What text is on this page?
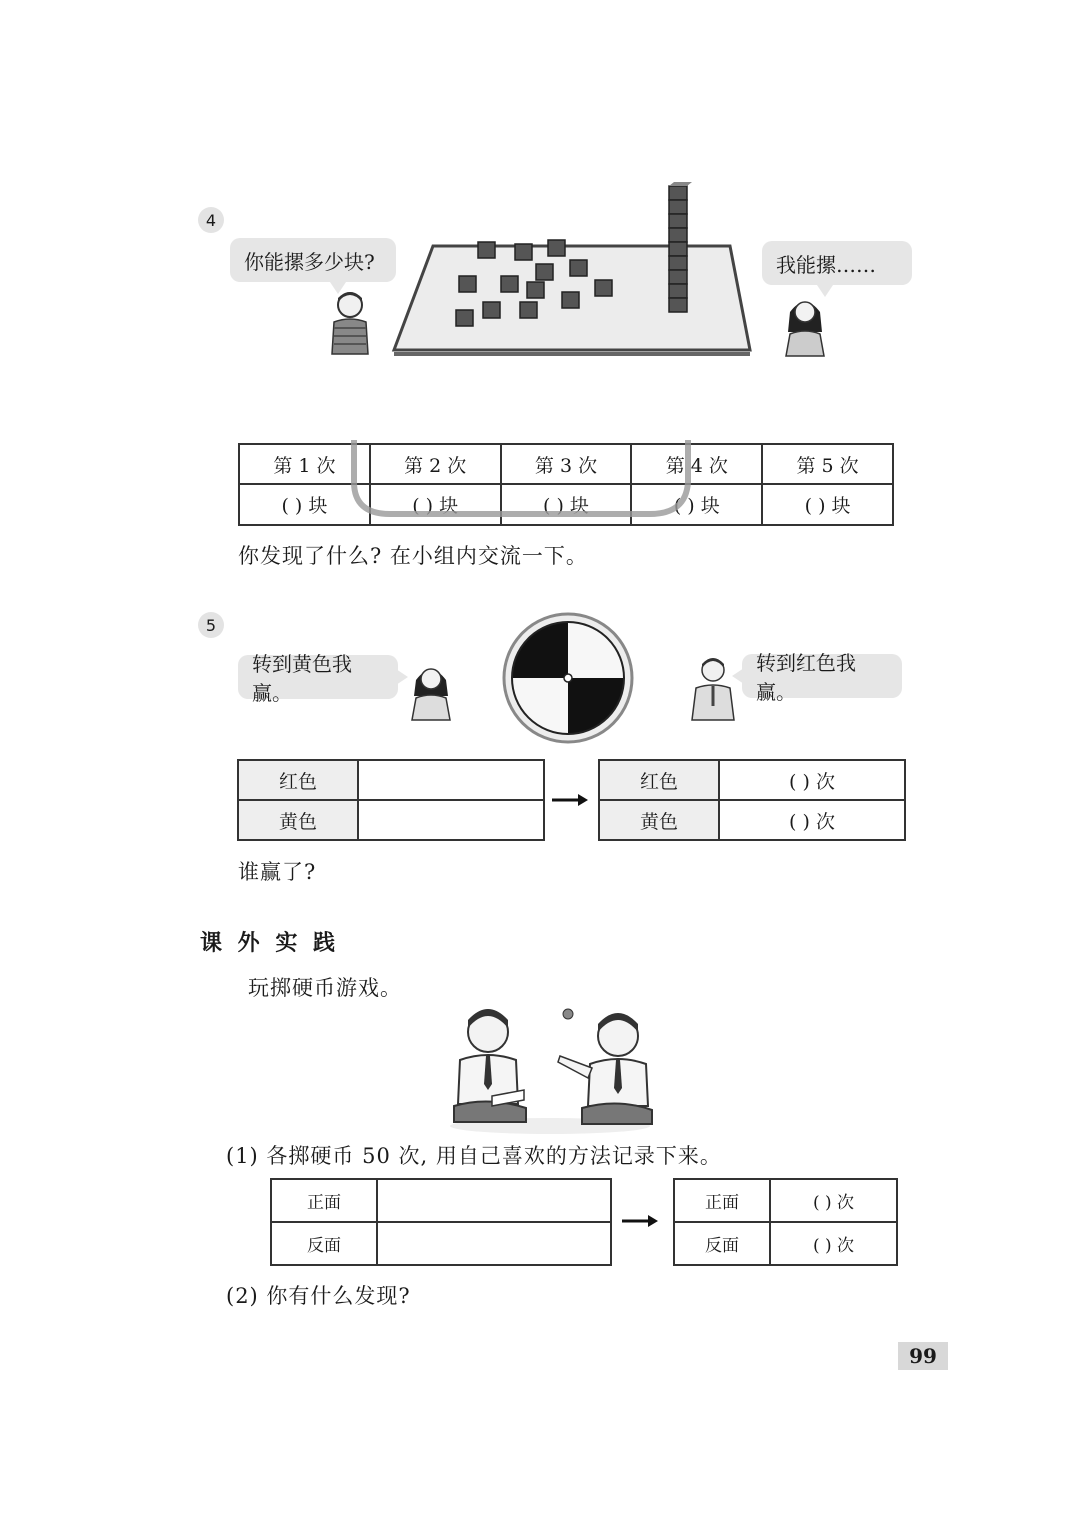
4
你能摞多少块?	我能摞……
第 1 次	第 2 次	第 3 次	第 4 次	第 5 次
( ) 块	( ) 块	( ) 块	( ) 块	( ) 块
你发现了什么? 在小组内交流一下。
5
转到黄色我赢。
转到红色我赢。
红色	
黄色	
红色	( ) 次
黄色	( ) 次
谁赢了?
课 外 实 践
玩掷硬币游戏。
(1) 各掷硬币 50 次, 用自己喜欢的方法记录下来。
正面	
反面	
正面	( ) 次
反面	( ) 次
(2) 你有什么发现?
99
